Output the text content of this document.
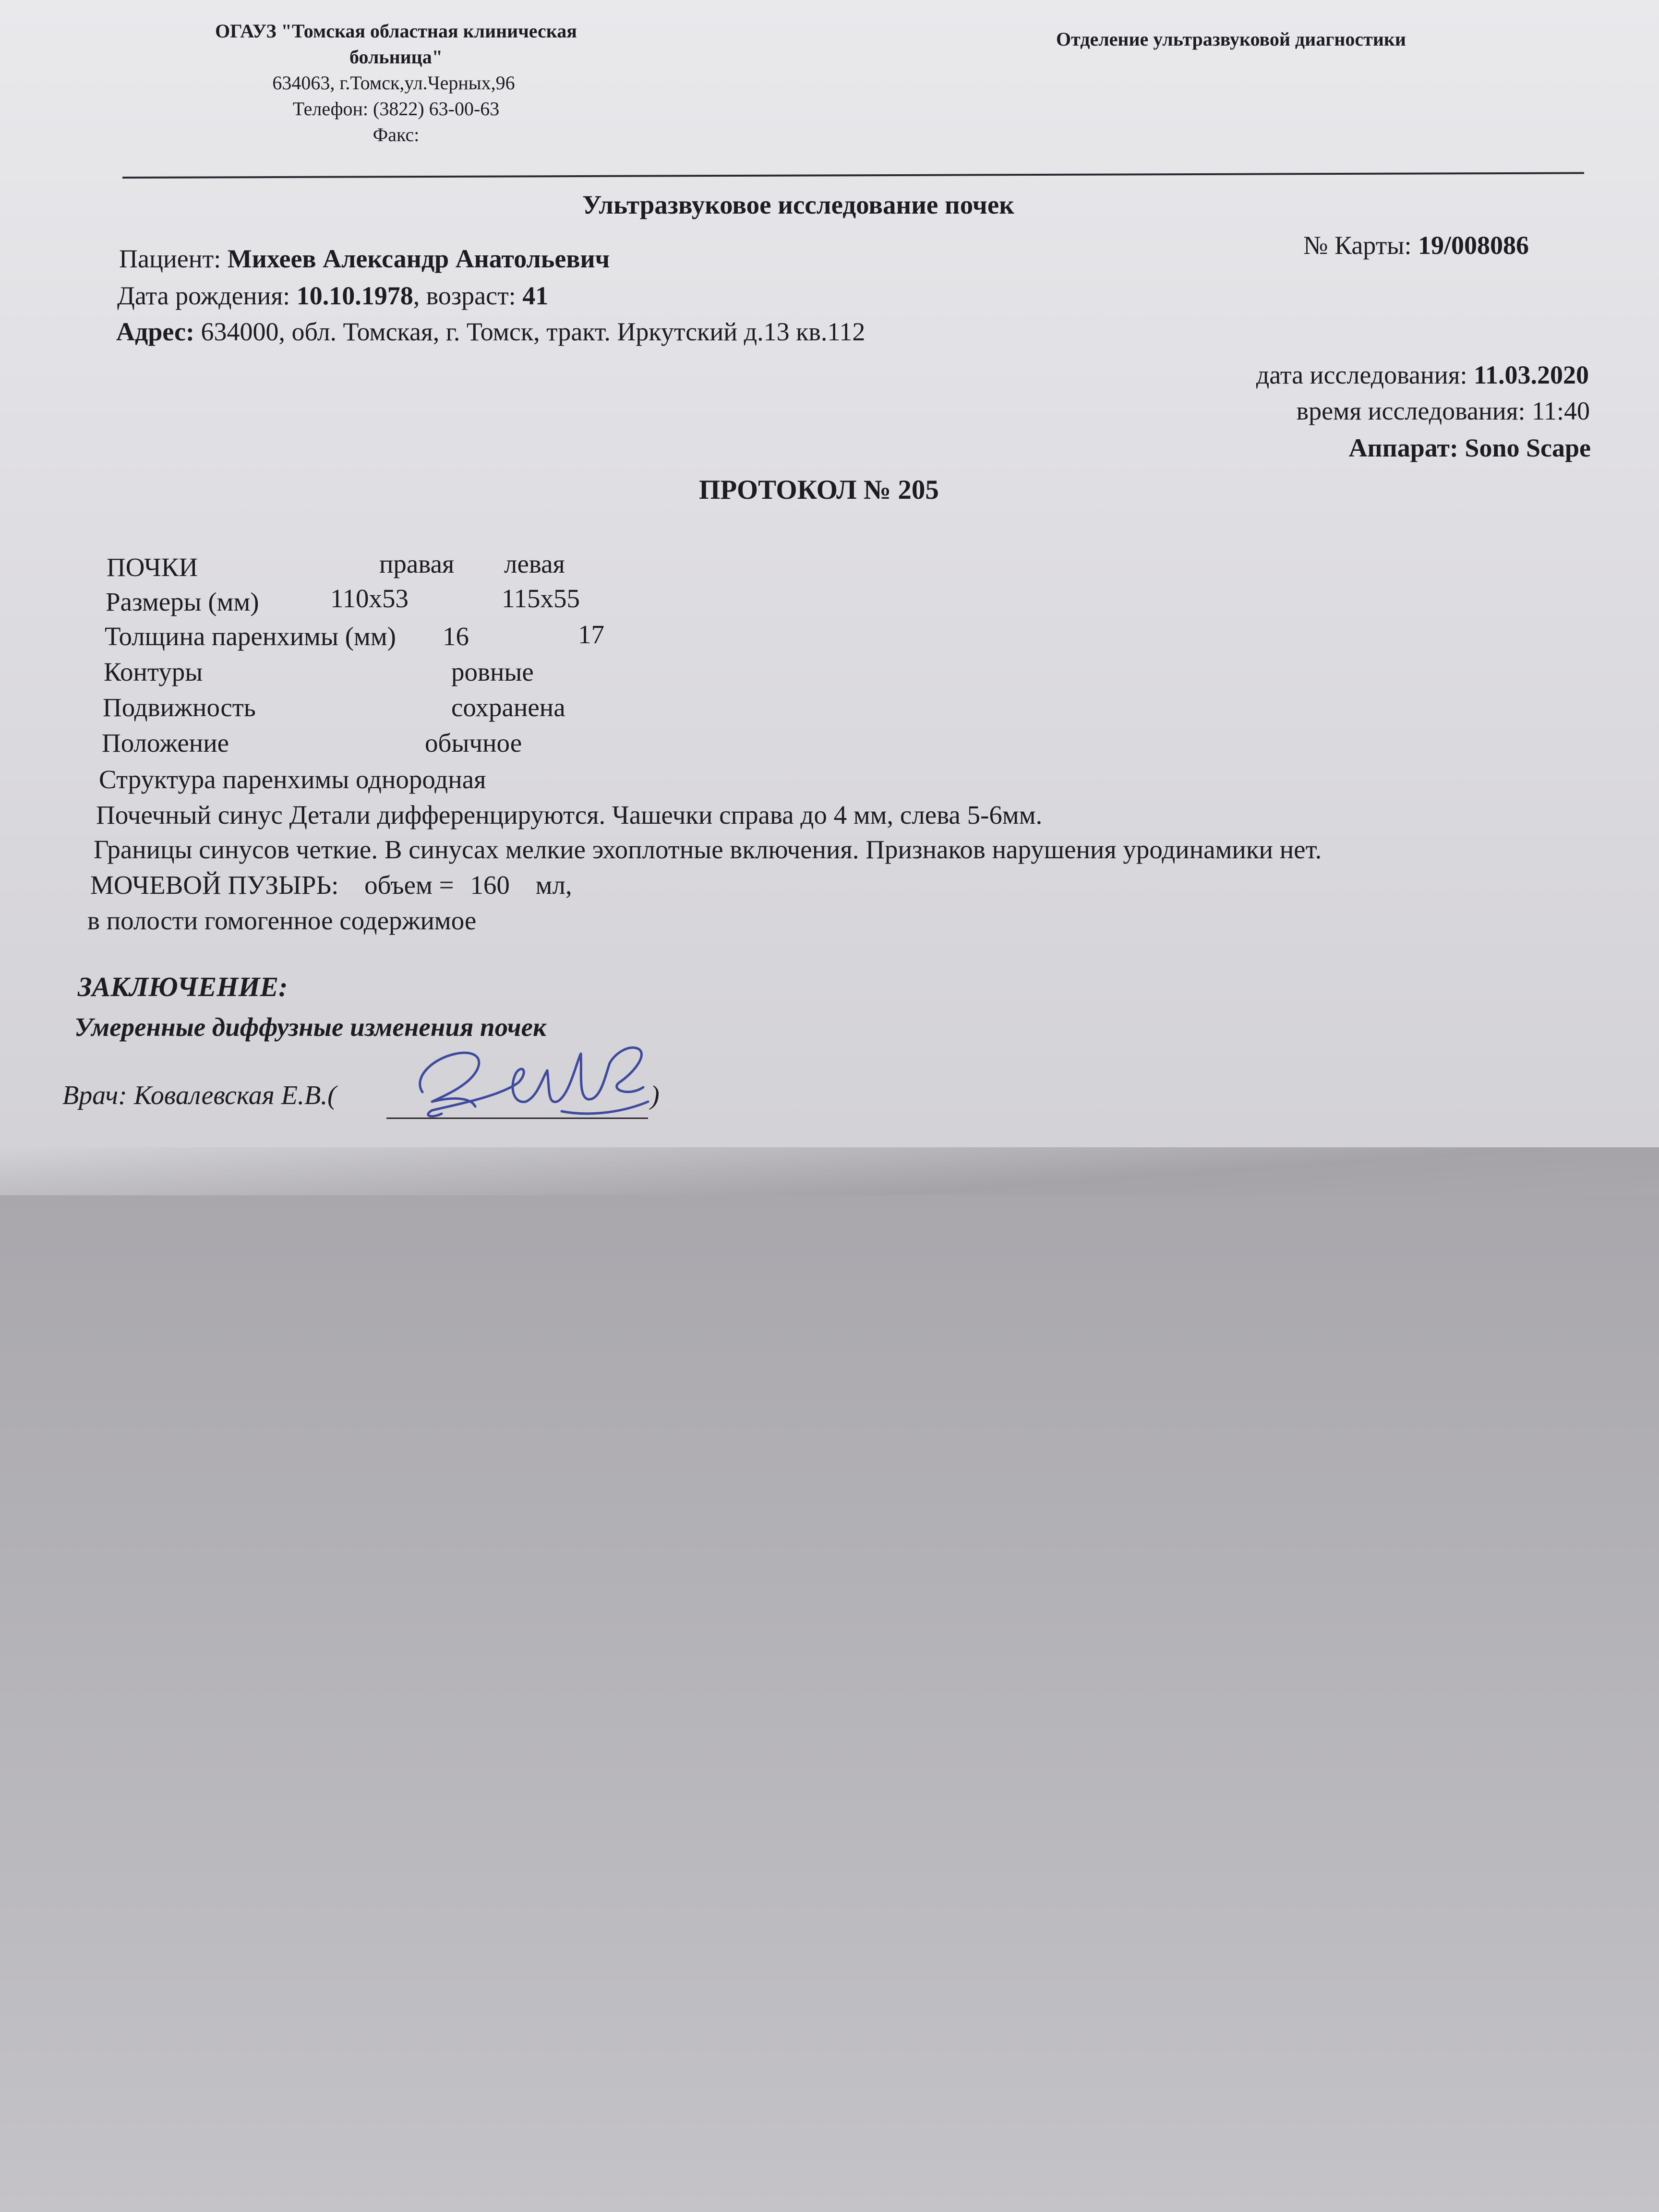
ОГАУЗ "Томская областная клиническая
больница"
634063, г.Томск,ул.Черных,96
Телефон: (3822) 63-00-63
Факс:
Отделение ультразвуковой диагностики
Ультразвуковое исследование почек
Пациент: Михеев Александр Анатольевич	№ Карты: 19/008086
Дата рождения: 10.10.1978, возраст: 41
Адрес: 634000, обл. Томская, г. Томск, тракт. Иркутский д.13 кв.112
дата исследования: 11.03.2020
время исследования: 11:40
Аппарат: Sono Scape
ПРОТОКОЛ № 205
ПОЧКИ	правая левая
Размеры (мм)	110x53	115x55
Толщина паренхимы (мм) 16	17
Контуры	ровные
Подвижность	сохранена
Положение	обычное
Структура паренхимы однородная
Почечный синус Детали дифференцируются. Чашечки справа до 4 мм, слева 5-6мм.
Границы синусов четкие. В синусах мелкие эхоплотные включения. Признаков нарушения уродинамики нет.
МОЧЕВОЙ ПУЗЫРЬ: объем = 160 мл,
в полости гомогенное содержимое
ЗАКЛЮЧЕНИЕ:
Умеренные диффузные изменения почек
Врач: Ковалевская Е.В.(	)
